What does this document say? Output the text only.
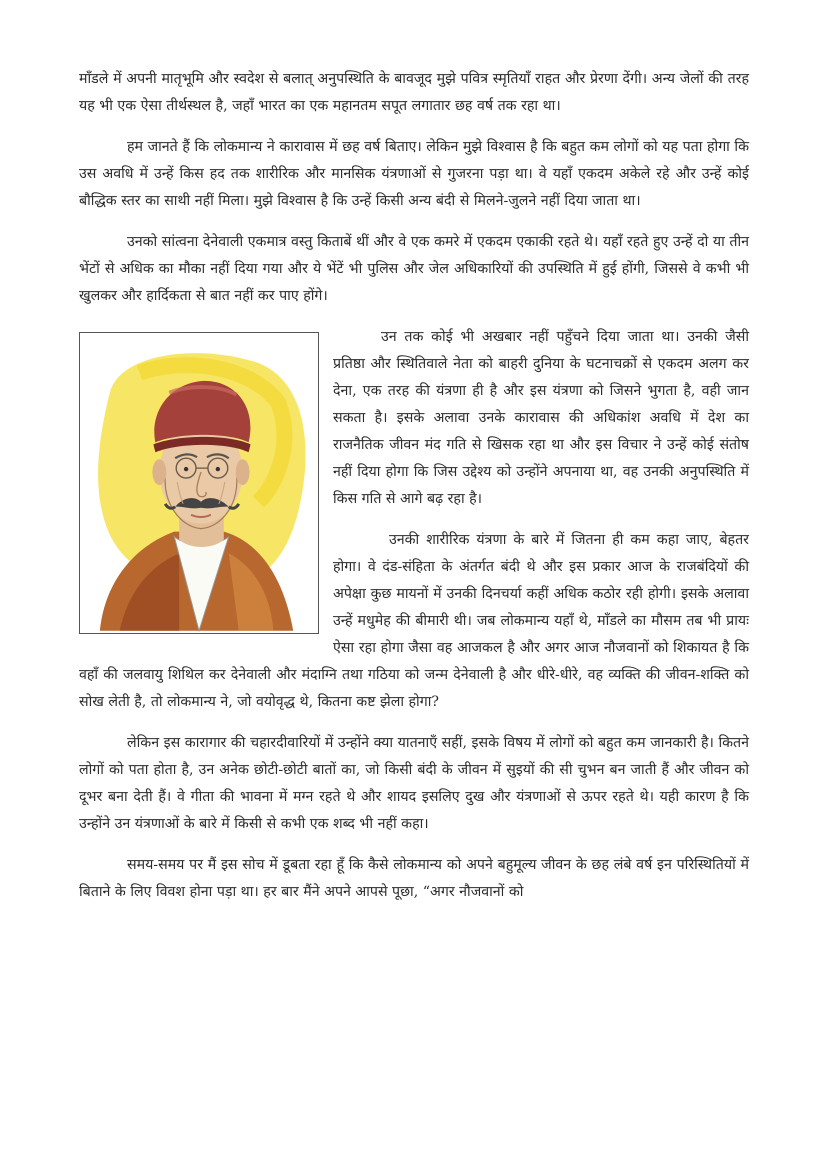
माँडले में अपनी मातृभूमि और स्वदेश से बलात् अनुपस्थिति के बावजूद मुझे पवित्र स्मृतियाँ राहत और प्रेरणा देंगी। अन्य जेलों की तरह यह भी एक ऐसा तीर्थस्थल है, जहाँ भारत का एक महानतम सपूत लगातार छह वर्ष तक रहा था।

हम जानते हैं कि लोकमान्य ने कारावास में छह वर्ष बिताए। लेकिन मुझे विश्वास है कि बहुत कम लोगों को यह पता होगा कि उस अवधि में उन्हें किस हद तक शारीरिक और मानसिक यंत्रणाओं से गुजरना पड़ा था। वे यहाँ एकदम अकेले रहे और उन्हें कोई बौद्धिक स्तर का साथी नहीं मिला। मुझे विश्वास है कि उन्हें किसी अन्य बंदी से मिलने-जुलने नहीं दिया जाता था।

उनको सांत्वना देनेवाली एकमात्र वस्तु किताबें थीं और वे एक कमरे में एकदम एकाकी रहते थे। यहाँ रहते हुए उन्हें दो या तीन भेंटों से अधिक का मौका नहीं दिया गया और ये भेंटें भी पुलिस और जेल अधिकारियों की उपस्थिति में हुई होंगी, जिससे वे कभी भी खुलकर और हार्दिकता से बात नहीं कर पाए होंगे।

उन तक कोई भी अखबार नहीं पहुँचने दिया जाता था। उनकी जैसी प्रतिष्ठा और स्थितिवाले नेता को बाहरी दुनिया के घटनाचक्रों से एकदम अलग कर देना, एक तरह की यंत्रणा ही है और इस यंत्रणा को जिसने भुगता है, वही जान सकता है। इसके अलावा उनके कारावास की अधिकांश अवधि में देश का राजनैतिक जीवन मंद गति से खिसक रहा था और इस विचार ने उन्हें कोई संतोष नहीं दिया होगा कि जिस उद्देश्य को उन्होंने अपनाया था, वह उनकी अनुपस्थिति में किस गति से आगे बढ़ रहा है।

उनकी शारीरिक यंत्रणा के बारे में जितना ही कम कहा जाए, बेहतर होगा। वे दंड-संहिता के अंतर्गत बंदी थे और इस प्रकार आज के राजबंदियों की अपेक्षा कुछ मायनों में उनकी दिनचर्या कहीं अधिक कठोर रही होगी। इसके अलावा उन्हें मधुमेह की बीमारी थी। जब लोकमान्य यहाँ थे, माँडले का मौसम तब भी प्रायः ऐसा रहा होगा जैसा वह आजकल है और अगर आज नौजवानों को शिकायत है कि वहाँ की जलवायु शिथिल कर देनेवाली और मंदाग्नि तथा गठिया को जन्म देनेवाली है और धीरे-धीरे, वह व्यक्ति की जीवन-शक्ति को सोख लेती है, तो लोकमान्य ने, जो वयोवृद्ध थे, कितना कष्ट झेला होगा?

लेकिन इस कारागार की चहारदीवारियों में उन्होंने क्या यातनाएँ सहीं, इसके विषय में लोगों को बहुत कम जानकारी है। कितने लोगों को पता होता है, उन अनेक छोटी-छोटी बातों का, जो किसी बंदी के जीवन में सुइयों की सी चुभन बन जाती हैं और जीवन को दूभर बना देती हैं। वे गीता की भावना में मग्न रहते थे और शायद इसलिए दुख और यंत्रणाओं से ऊपर रहते थे। यही कारण है कि उन्होंने उन यंत्रणाओं के बारे में किसी से कभी एक शब्द भी नहीं कहा।

समय-समय पर मैं इस सोच में डूबता रहा हूँ कि कैसे लोकमान्य को अपने बहुमूल्य जीवन के छह लंबे वर्ष इन परिस्थितियों में बिताने के लिए विवश होना पड़ा था। हर बार मैंने अपने आपसे पूछा, “अगर नौजवानों को
